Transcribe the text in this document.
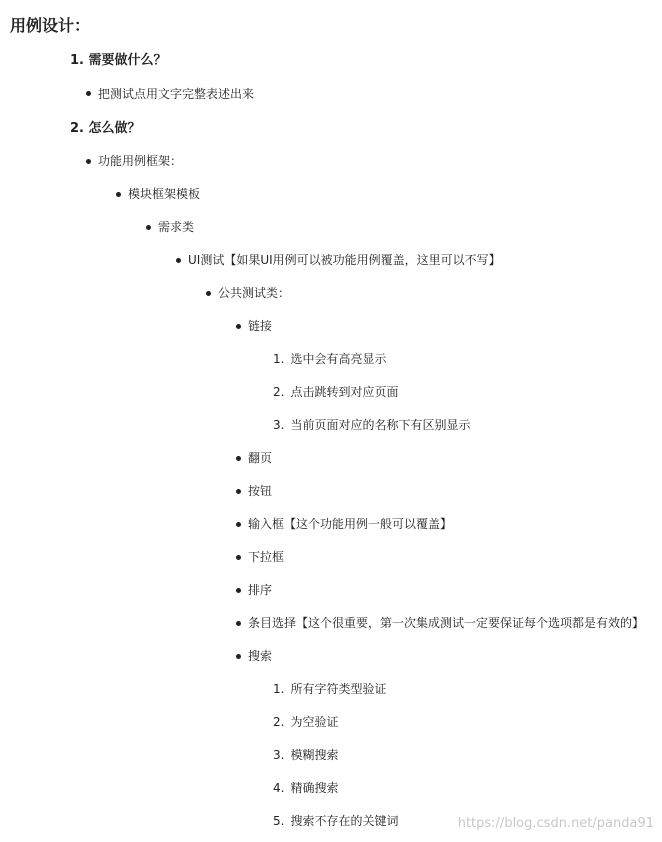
用例设计：
1. 需要做什么？
把测试点用文字完整表述出来
2. 怎么做？
功能用例框架：
模块框架模板
需求类
UI测试【如果UI用例可以被功能用例覆盖，这里可以不写】
公共测试类：
链接
1. 选中会有高亮显示
2. 点击跳转到对应页面
3. 当前页面对应的名称下有区别显示
翻页
按钮
输入框【这个功能用例一般可以覆盖】
下拉框
排序
条目选择【这个很重要，第一次集成测试一定要保证每个选项都是有效的】
搜索
1. 所有字符类型验证
2. 为空验证
3. 模糊搜索
4. 精确搜索
5. 搜索不存在的关键词	https://blog.csdn.net/panda91
